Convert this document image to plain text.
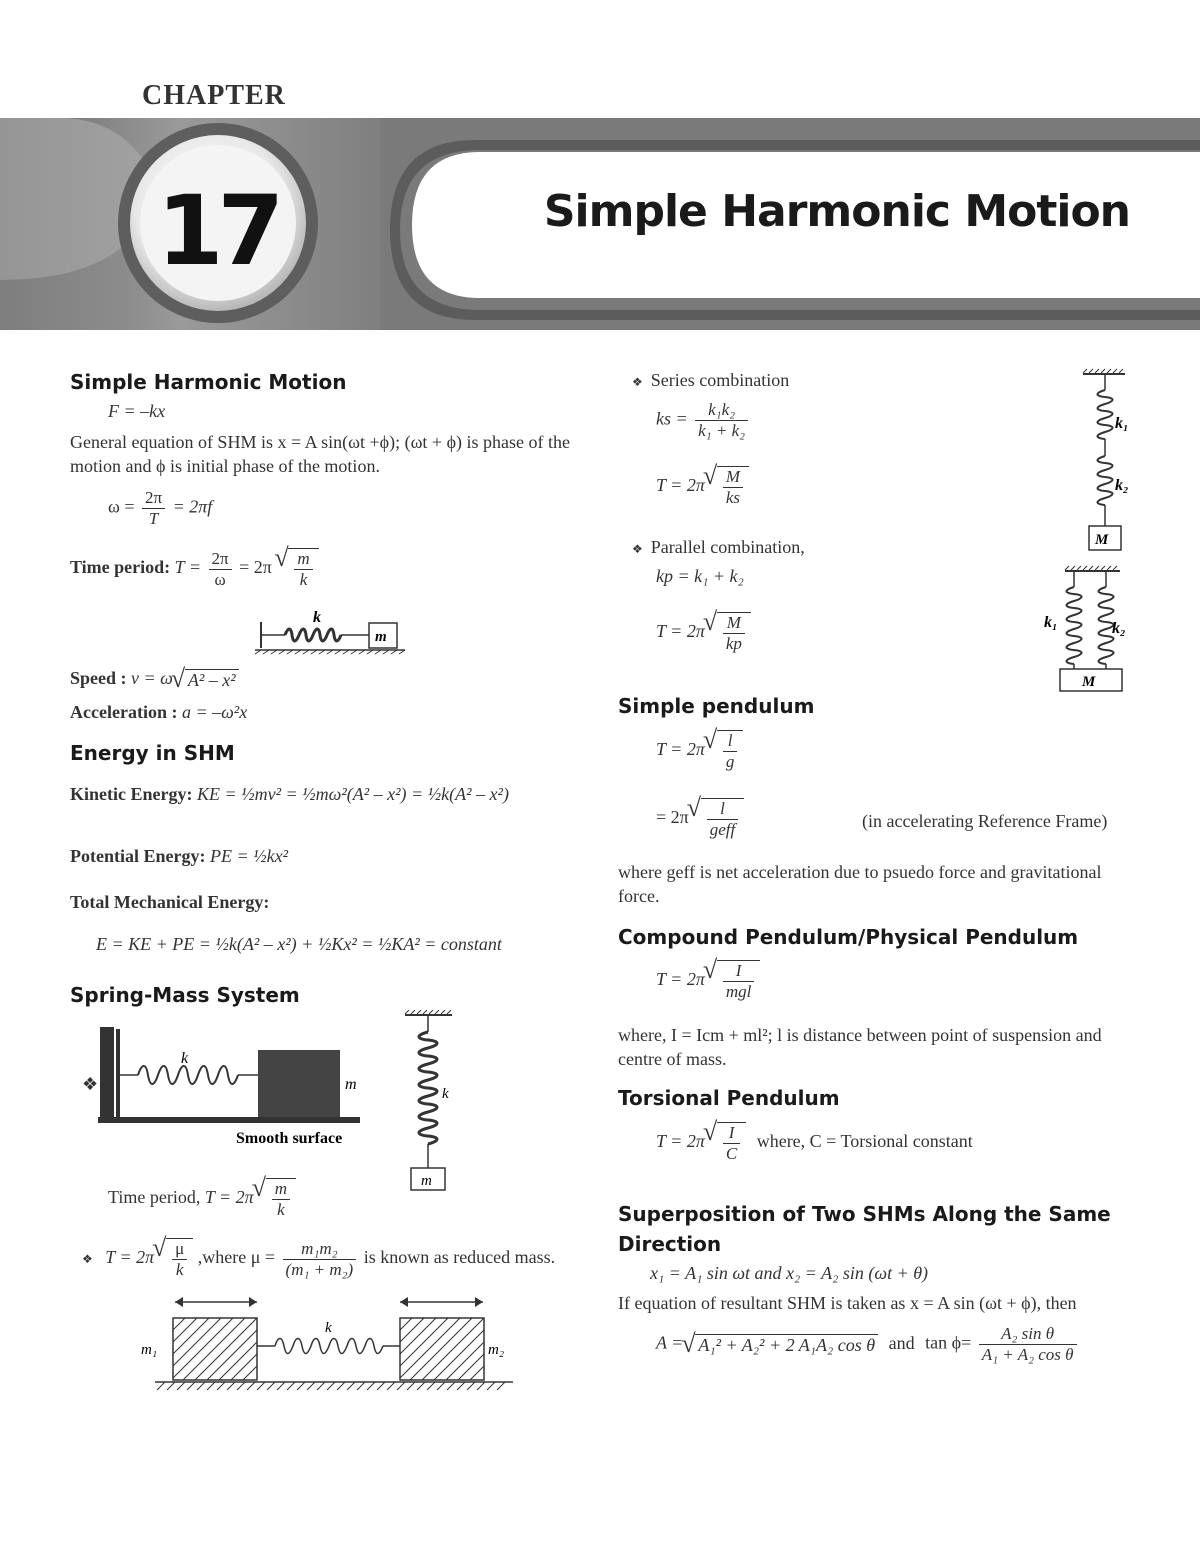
CHAPTER
17	Simple Harmonic Motion
Simple Harmonic Motion
F = –kx
General equation of SHM is x = A sin(ωt +ϕ); (ωt + ϕ) is phase of the motion and ϕ is initial phase of the motion.
$\omega = \frac{2\pi}{T} = 2\pi f$
Time period: $T = \frac{2\pi}{\omega} = 2\pi$ √ $\frac{m}{k}$
k
m
Speed : v = ω √ A² – x²
Acceleration : a = –ω²x
Energy in SHM
Kinetic Energy: KE = ½mv² = ½mω²(A² – x²) = ½k(A² – x²)
Potential Energy: PE = ½kx²
Total Mechanical Energy:
E = KE + PE = ½k(A² – x²) + ½Kx² = ½KA² = constant
Spring-Mass System
❖
k
m
Smooth surface
k
m
Time period, T = 2π √ $\frac{m}{k}$
❖ T = 2π √ $\frac{\mu}{k}$ ,where $\mu = \frac{\text{m₁m₂}}{\text{(m₁ + m₂)}}$ is known as reduced mass.
k
m₁	m₂
❖ Series combination
ks = $\frac{\text{k₁k₂}}{\text{k₁ + k₂}}$
T = 2π √ $\frac{M}{ks}$
k₁
k₂
M
❖ Parallel combination,
kp = k₁ + k₂
T = 2π √ $\frac{M}{kp}$	k₁	k₂
M
Simple pendulum
T = 2π √ $\frac{l}{g}$
= 2π √ $\frac{l}{\text{geff}}$	(in accelerating Reference Frame)
where geff is net acceleration due to psuedo force and gravitational force.
Compound Pendulum/Physical Pendulum
T = 2π √ $\frac{I}{\text{mgl}}$
where, I = Icm + ml²; l is distance between point of suspension and centre of mass.
Torsional Pendulum
T = 2π √ $\frac{I}{C}$ where, C = Torsional constant
Superposition of Two SHMs Along the Same
Direction
x₁ = A₁ sin ωt and x₂ = A₂ sin (ωt + θ)
If equation of resultant SHM is taken as x = A sin (ωt + ϕ), then
A = √ A₁² + A₂² + 2 A₁A₂ cos θ and $\tan \phi= \frac{\text{A₂ sin θ}}{\text{A₁ + A₂ cos θ}}$
